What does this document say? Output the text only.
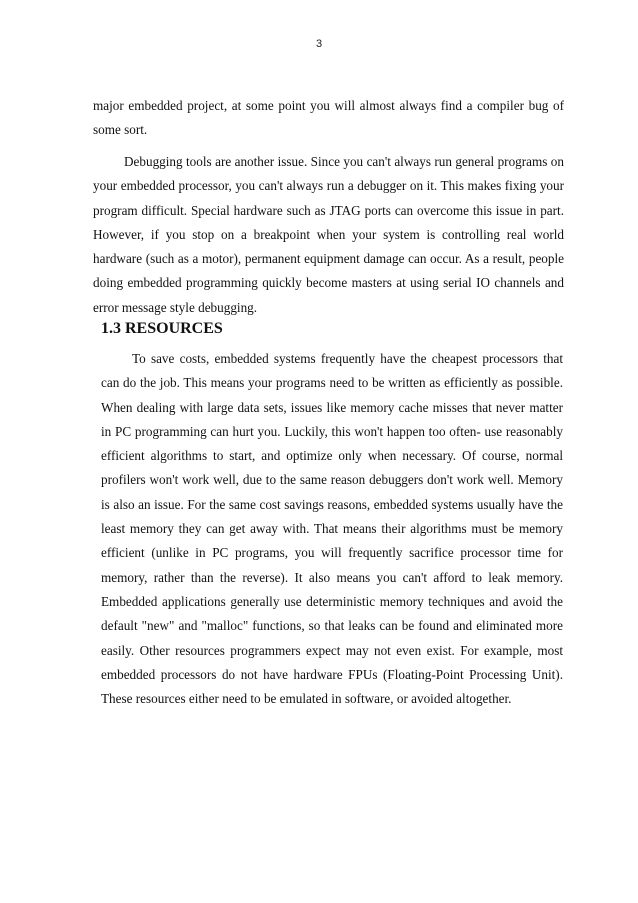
3

major embedded project, at some point you will almost always find a compiler bug of some sort.

Debugging tools are another issue. Since you can't always run general programs on your embedded processor, you can't always run a debugger on it. This makes fixing your program difficult. Special hardware such as JTAG ports can overcome this issue in part. However, if you stop on a breakpoint when your system is controlling real world hardware (such as a motor), permanent equipment damage can occur. As a result, people doing embedded programming quickly become masters at using serial IO channels and error message style debugging.

1.3 RESOURCES

To save costs, embedded systems frequently have the cheapest processors that can do the job. This means your programs need to be written as efficiently as possible. When dealing with large data sets, issues like memory cache misses that never matter in PC programming can hurt you. Luckily, this won't happen too often- use reasonably efficient algorithms to start, and optimize only when necessary. Of course, normal profilers won't work well, due to the same reason debuggers don't work well. Memory is also an issue. For the same cost savings reasons, embedded systems usually have the least memory they can get away with. That means their algorithms must be memory efficient (unlike in PC programs, you will frequently sacrifice processor time for memory, rather than the reverse). It also means you can't afford to leak memory. Embedded applications generally use deterministic memory techniques and avoid the default "new" and "malloc" functions, so that leaks can be found and eliminated more easily. Other resources programmers expect may not even exist. For example, most embedded processors do not have hardware FPUs (Floating-Point Processing Unit). These resources either need to be emulated in software, or avoided altogether.
